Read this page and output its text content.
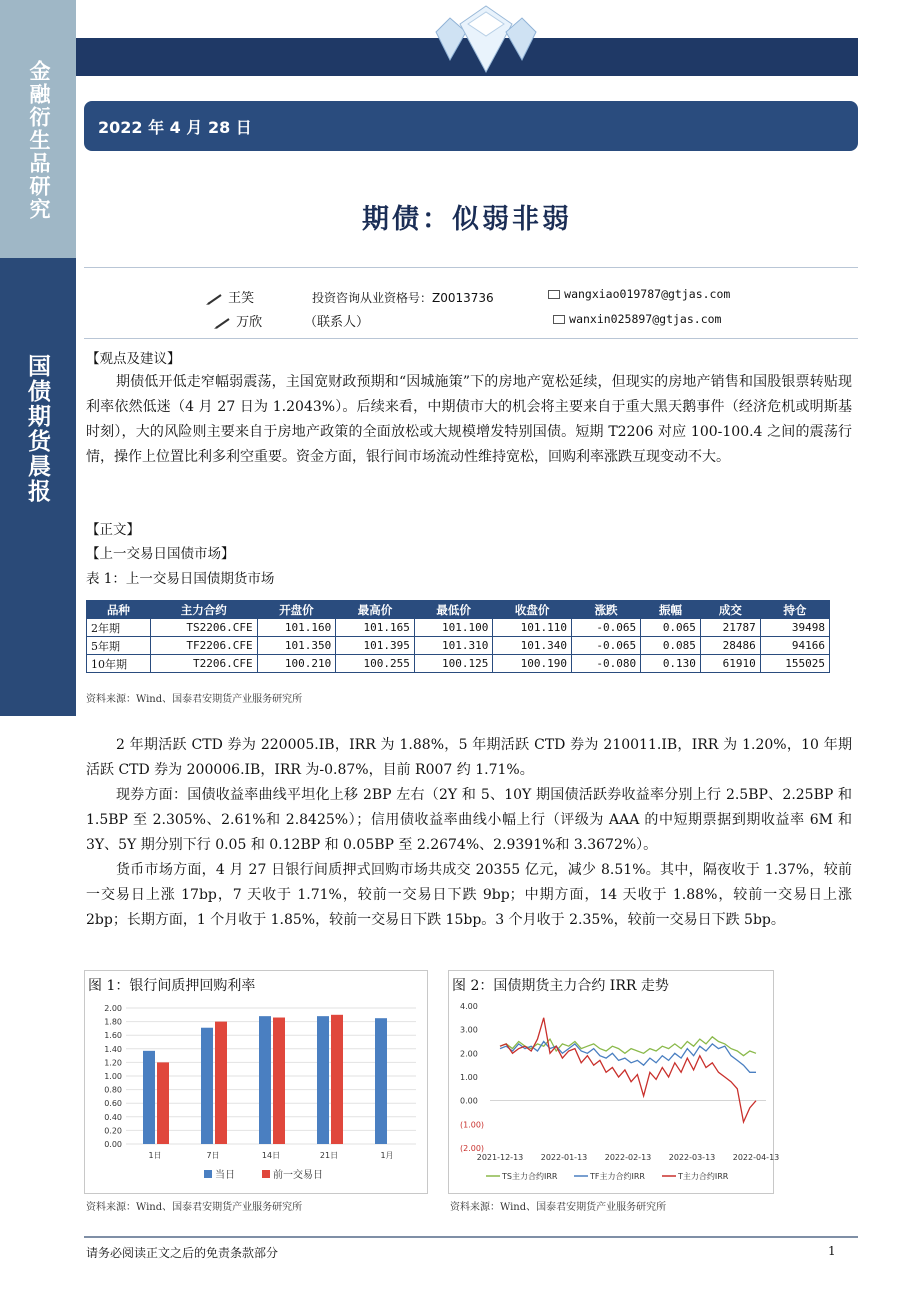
金融衍生品研究
国债期货晨报
2022 年 4 月 28 日
期债：似弱非弱
王笑	投资咨询从业资格号：Z0013736	wangxiao019787@gtjas.com
万欣	（联系人）	wanxin025897@gtjas.com
【观点及建议】
期债低开低走窄幅弱震荡，主国宽财政预期和“因城施策”下的房地产宽松延续，但现实的房地产销售和国股银票转贴现利率依然低迷（4 月 27 日为 1.2043%）。后续来看，中期债市大的机会将主要来自于重大黑天鹅事件（经济危机或明斯基时刻），大的风险则主要来自于房地产政策的全面放松或大规模增发特别国债。短期 T2206 对应 100-100.4 之间的震荡行情，操作上位置比利多利空重要。资金方面，银行间市场流动性维持宽松，回购利率涨跌互现变动不大。
【正文】
【上一交易日国债市场】
表 1：上一交易日国债期货市场
品种	主力合约	开盘价	最高价	最低价	收盘价	涨跌	振幅	成交	持仓
2年期	TS2206.CFE	101.160	101.165	101.100	101.110	-0.065	0.065	21787	39498
5年期	TF2206.CFE	101.350	101.395	101.310	101.340	-0.065	0.085	28486	94166
10年期	T2206.CFE	100.210	100.255	100.125	100.190	-0.080	0.130	61910	155025
资料来源：Wind、国泰君安期货产业服务研究所
2 年期活跃 CTD 券为 220005.IB，IRR 为 1.88%，5 年期活跃 CTD 券为 210011.IB，IRR 为 1.20%，10 年期活跃 CTD 券为 200006.IB，IRR 为-0.87%，目前 R007 约 1.71%。
现券方面：国债收益率曲线平坦化上移 2BP 左右（2Y 和 5、10Y 期国债活跃券收益率分别上行 2.5BP、2.25BP 和 1.5BP 至 2.305%、2.61%和 2.8425%）；信用债收益率曲线小幅上行（评级为 AAA 的中短期票据到期收益率 6M 和 3Y、5Y 期分别下行 0.05 和 0.12BP 和 0.05BP 至 2.2674%、2.9391%和 3.3672%）。
货币市场方面，4 月 27 日银行间质押式回购市场共成交 20355 亿元，减少 8.51%。其中，隔夜收于 1.37%，较前一交易日上涨 17bp，7 天收于 1.71%，较前一交易日下跌 9bp；中期方面，14 天收于 1.88%，较前一交易日上涨 2bp；长期方面，1 个月收于 1.85%，较前一交易日下跌 15bp。3 个月收于 2.35%，较前一交易日下跌 5bp。
图 1：银行间质押回购利率
0.00
0.20
0.40
0.60
0.80
1.00
1.20
1.40
1.60
1.80
2.00
1日	7日	14日	21日	1月
当日	前一交易日
资料来源：Wind、国泰君安期货产业服务研究所
图 2：国债期货主力合约 IRR 走势
4.00
3.00
2.00
1.00
0.00
(1.00)
(2.00)
2021-12-13 2022-01-13 2022-02-13 2022-03-13 2022-04-13
TS主力合约IRR	TF主力合约IRR	T主力合约IRR
资料来源：Wind、国泰君安期货产业服务研究所
请务必阅读正文之后的免责条款部分	1
